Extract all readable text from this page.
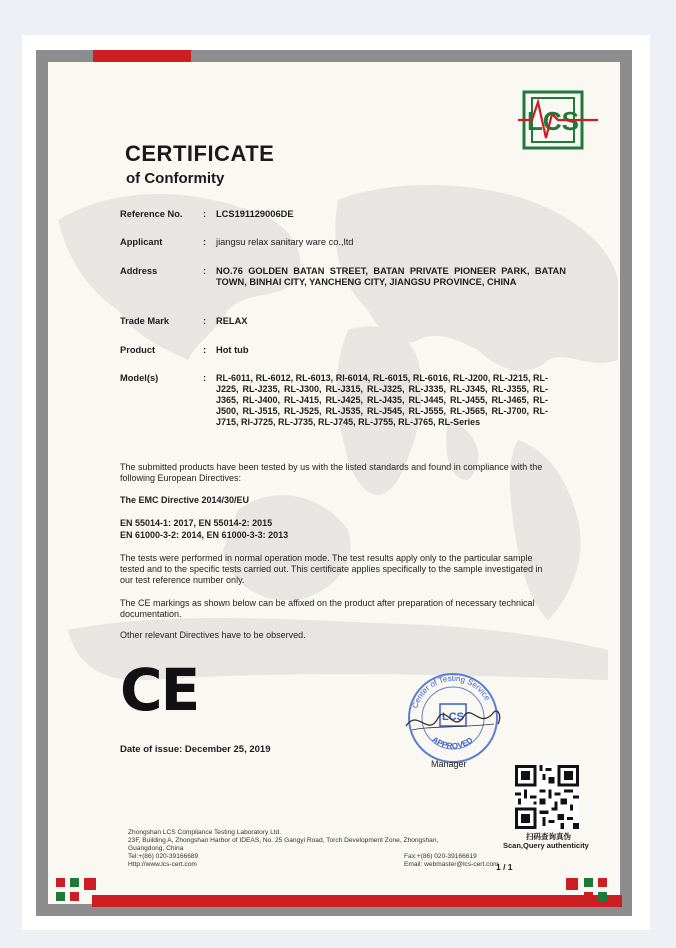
LCS
CERTIFICATE
of Conformity
Reference No.	: LCS191129006DE
Applicant	: jiangsu relax sanitary ware co.,ltd
Address	: NO.76 GOLDEN BATAN STREET, BATAN PRIVATE PIONEER PARK, BATAN TOWN, BINHAI CITY, YANCHENG CITY, JIANGSU PROVINCE, CHINA
Trade Mark	: RELAX
Product	: Hot tub
Model(s)	: RL-6011, RL-6012, RL-6013, RI-6014, RL-6015, RL-6016, RL-J200, RL-J215, RL-J225, RL-J235, RL-J300, RL-J315, RL-J325, RL-J335, RL-J345, RL-J355, RL-J365, RL-J400, RL-J415, RL-J425, RL-J435, RL-J445, RL-J455, RL-J465, RL-J500, RL-J515, RL-J525, RL-J535, RL-J545, RL-J555, RL-J565, RL-J700, RL-J715, RI-J725, RL-J735, RL-J745, RL-J755, RL-J765, RL-Series
The submitted products have been tested by us with the listed standards and found in compliance with the following European Directives:
The EMC Directive 2014/30/EU
EN 55014-1: 2017, EN 55014-2: 2015
EN 61000-3-2: 2014, EN 61000-3-3: 2013
The tests were performed in normal operation mode. The test results apply only to the particular sample tested and to the specific tests carried out. This certificate applies specifically to the sample investigated in our test reference number only.
The CE markings as shown below can be affixed on the product after preparation of necessary technical documentation.
Other relevant Directives have to be observed.
CE
Date of issue: December 25, 2019
Center of Testing Service
APPROVED
LCS
Manager
扫码查询真伪
Scan,Query authenticity
Zhongshan LCS Compliance Testing Laboratory Ltd.
23F, Building A, Zhongshan Harbor of IDEAS, No. 25 Gangyi Road, Torch Development Zone, Zhongshan,
Guangdong, China
Tel:+(86) 020-39166689	Fax:+(86) 020-39166619
Http://www.lcs-cert.com	Email: webmaster@lcs-cert.com
1 / 1
